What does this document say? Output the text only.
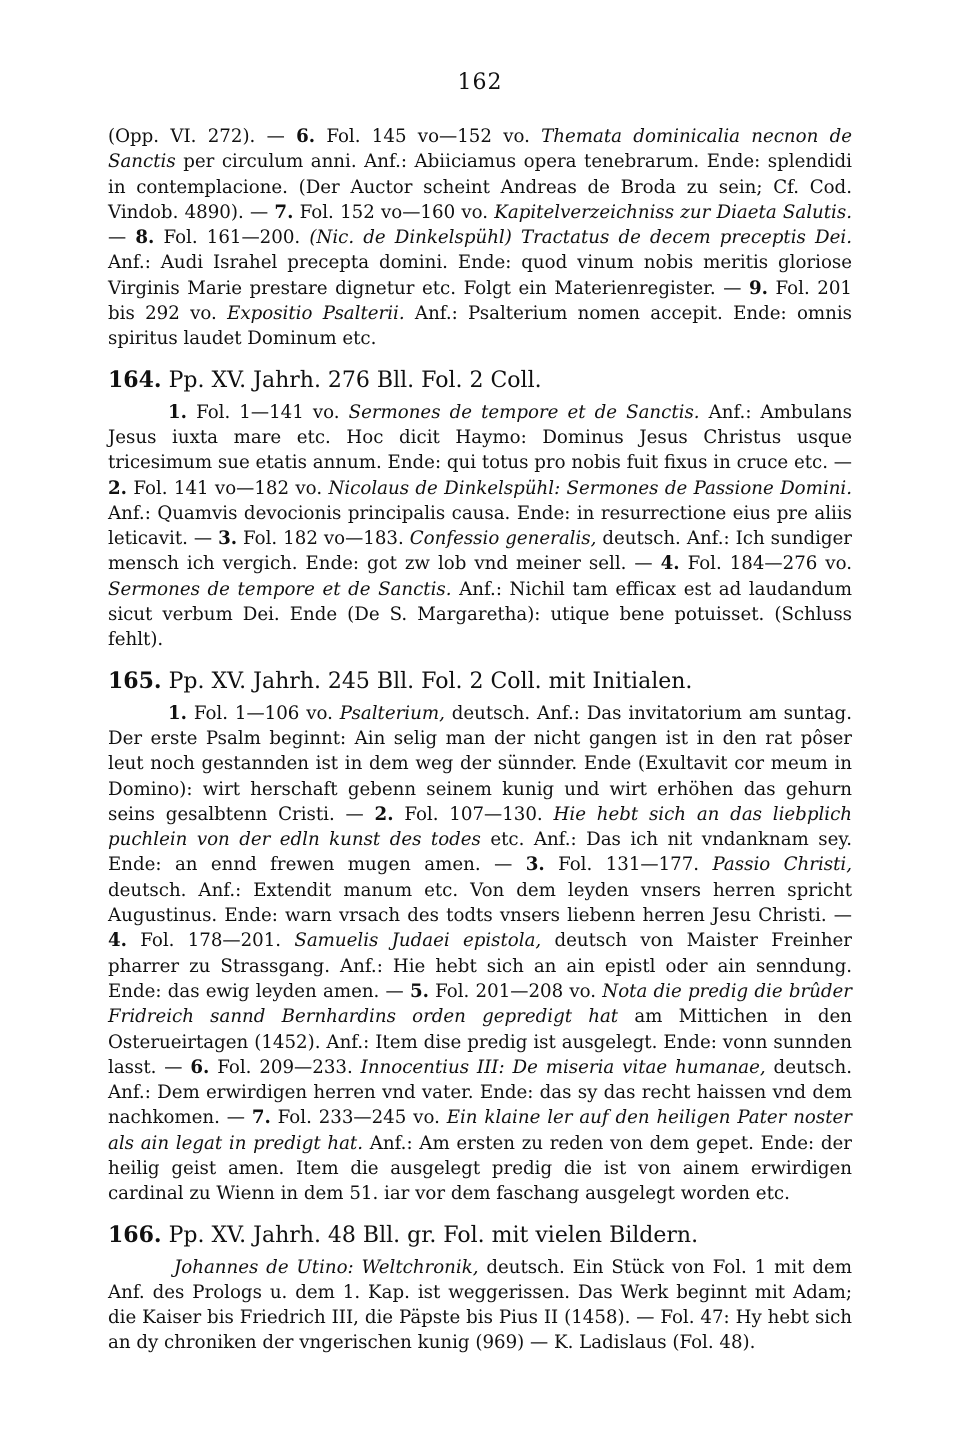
162

(Opp. VI. 272). — 6. Fol. 145 vo—152 vo. Themata dominicalia necnon de Sanctis per circulum anni. Anf.: Abiiciamus opera tenebrarum. Ende: splendidi in contemplacione. (Der Auctor scheint Andreas de Broda zu sein; Cf. Cod. Vindob. 4890). — 7. Fol. 152 vo—160 vo. Kapitelverzeichniss zur Diaeta Salutis. — 8. Fol. 161—200. (Nic. de Dinkelspühl) Tractatus de decem preceptis Dei. Anf.: Audi Israhel precepta domini. Ende: quod vinum nobis meritis gloriose Virginis Marie prestare dignetur etc. Folgt ein Materienregister. — 9. Fol. 201 bis 292 vo. Expositio Psalterii. Anf.: Psalterium nomen accepit. Ende: omnis spiritus laudet Dominum etc.

164. Pp. XV. Jahrh. 276 Bll. Fol. 2 Coll.

1. Fol. 1—141 vo. Sermones de tempore et de Sanctis. Anf.: Ambulans Jesus iuxta mare etc. Hoc dicit Haymo: Dominus Jesus Christus usque tricesimum sue etatis annum. Ende: qui totus pro nobis fuit fixus in cruce etc. — 2. Fol. 141 vo—182 vo. Nicolaus de Dinkelspühl: Sermones de Passione Domini. Anf.: Quamvis devocionis principalis causa. Ende: in resurrectione eius pre aliis leticavit. — 3. Fol. 182 vo—183. Confessio generalis, deutsch. Anf.: Ich sundiger mensch ich vergich. Ende: got zw lob vnd meiner sell. — 4. Fol. 184—276 vo. Sermones de tempore et de Sanctis. Anf.: Nichil tam efficax est ad laudandum sicut verbum Dei. Ende (De S. Margaretha): utique bene potuisset. (Schluss fehlt).

165. Pp. XV. Jahrh. 245 Bll. Fol. 2 Coll. mit Initialen.

1. Fol. 1—106 vo. Psalterium, deutsch. Anf.: Das invitatorium am suntag. Der erste Psalm beginnt: Ain selig man der nicht gangen ist in den rat pôser leut noch gestannden ist in dem weg der sünnder. Ende (Exultavit cor meum in Domino): wirt herschaft gebenn seinem kunig und wirt erhöhen das gehurn seins gesalbtenn Cristi. — 2. Fol. 107—130. Hie hebt sich an das liebplich puchlein von der edln kunst des todes etc. Anf.: Das ich nit vndanknam sey. Ende: an ennd frewen mugen amen. — 3. Fol. 131—177. Passio Christi, deutsch. Anf.: Extendit manum etc. Von dem leyden vnsers herren spricht Augustinus. Ende: warn vrsach des todts vnsers liebenn herren Jesu Christi. — 4. Fol. 178—201. Samuelis Judaei epistola, deutsch von Maister Freinher pharrer zu Strassgang. Anf.: Hie hebt sich an ain epistl oder ain senndung. Ende: das ewig leyden amen. — 5. Fol. 201—208 vo. Nota die predig die brûder Fridreich sannd Bernhardins orden gepredigt hat am Mittichen in den Osterueirtagen (1452). Anf.: Item dise predig ist ausgelegt. Ende: vonn sunnden lasst. — 6. Fol. 209—233. Innocentius III: De miseria vitae humanae, deutsch. Anf.: Dem erwirdigen herren vnd vater. Ende: das sy das recht haissen vnd dem nachkomen. — 7. Fol. 233—245 vo. Ein klaine ler auf den heiligen Pater noster als ain legat in predigt hat. Anf.: Am ersten zu reden von dem gepet. Ende: der heilig geist amen. Item die ausgelegt predig die ist von ainem erwirdigen cardinal zu Wienn in dem 51. iar vor dem faschang ausgelegt worden etc.

166. Pp. XV. Jahrh. 48 Bll. gr. Fol. mit vielen Bildern.

Johannes de Utino: Weltchronik, deutsch. Ein Stück von Fol. 1 mit dem Anf. des Prologs u. dem 1. Kap. ist weggerissen. Das Werk beginnt mit Adam; die Kaiser bis Friedrich III, die Päpste bis Pius II (1458). — Fol. 47: Hy hebt sich an dy chroniken der vngerischen kunig (969) — K. Ladislaus (Fol. 48).
